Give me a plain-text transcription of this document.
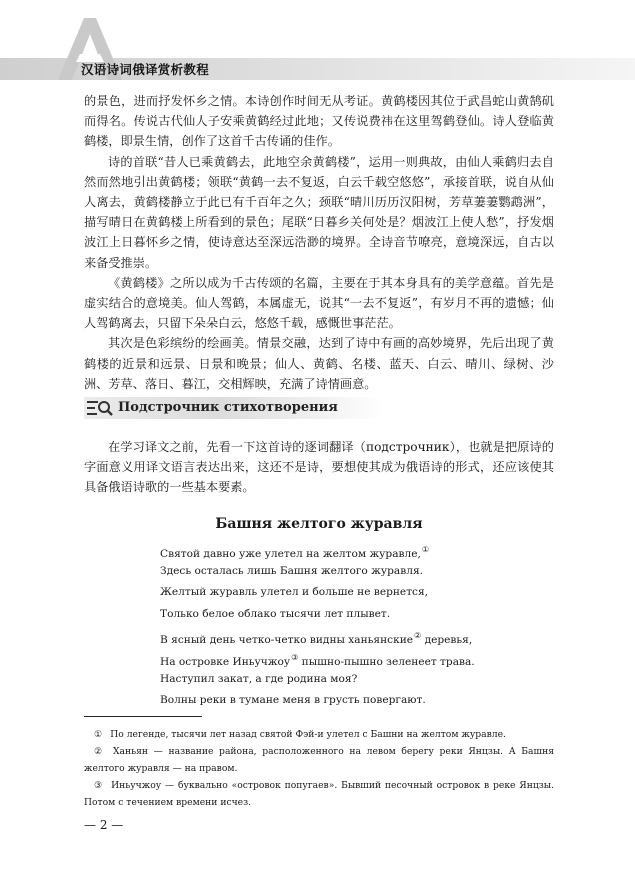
汉语诗词俄译赏析教程

的景色，进而抒发怀乡之情。本诗创作时间无从考证。黄鹤楼因其位于武昌蛇山黄鹄矶而得名。传说古代仙人子安乘黄鹤经过此地；又传说费祎在这里驾鹤登仙。诗人登临黄鹤楼，即景生情，创作了这首千古传诵的佳作。

诗的首联“昔人已乘黄鹤去，此地空余黄鹤楼”，运用一则典故，由仙人乘鹤归去自然而然地引出黄鹤楼；领联“黄鹤一去不复返，白云千载空悠悠”，承接首联，说自从仙人离去，黄鹤楼静立于此已有千百年之久；颈联“晴川历历汉阳树，芳草萋萋鹦鹉洲”，描写晴日在黄鹤楼上所看到的景色；尾联“日暮乡关何处是？烟波江上使人愁”，抒发烟波江上日暮怀乡之情，使诗意达至深远浩渺的境界。全诗音节嘹亮，意境深远，自古以来备受推崇。

《黄鹤楼》之所以成为千古传颂的名篇，主要在于其本身具有的美学意蕴。首先是虚实结合的意境美。仙人驾鹤，本属虚无，说其“一去不复返”，有岁月不再的遗憾；仙人驾鹤离去，只留下朵朵白云，悠悠千载，感慨世事茫茫。

其次是色彩缤纷的绘画美。情景交融，达到了诗中有画的高妙境界，先后出现了黄鹤楼的近景和远景、日景和晚景；仙人、黄鹤、名楼、蓝天、白云、晴川、绿树、沙洲、芳草、落日、暮江，交相辉映，充满了诗情画意。

Подстрочник стихотворения

在学习译文之前，先看一下这首诗的逐词翻译（подстрочник），也就是把原诗的字面意义用译文语言表达出来，这还不是诗，要想使其成为俄语诗的形式，还应该使其具备俄语诗歌的一些基本要素。

Башня желтого журавля
Святой давно уже улетел на желтом журавле,①
Здесь осталась лишь Башня желтого журавля.
Желтый журавль улетел и больше не вернется,
Только белое облако тысячи лет плывет.
В ясный день четко-четко видны ханьянские② деревья,
На островке Иньучжоу③ пышно-пышно зеленеет трава.
Наступил закат, а где родина моя?
Волны реки в тумане меня в грусть повергают.

① По легенде, тысячи лет назад святой Фэй-и улетел с Башни на желтом журавле.

② Ханьян — название района, расположенного на левом берегу реки Янцзы. А Башня желтого журавля — на правом.

③ Иньучжоу — буквально «островок попугаев». Бывший песочный островок в реке Янцзы. Потом с течением времени исчез.

— 2 —
